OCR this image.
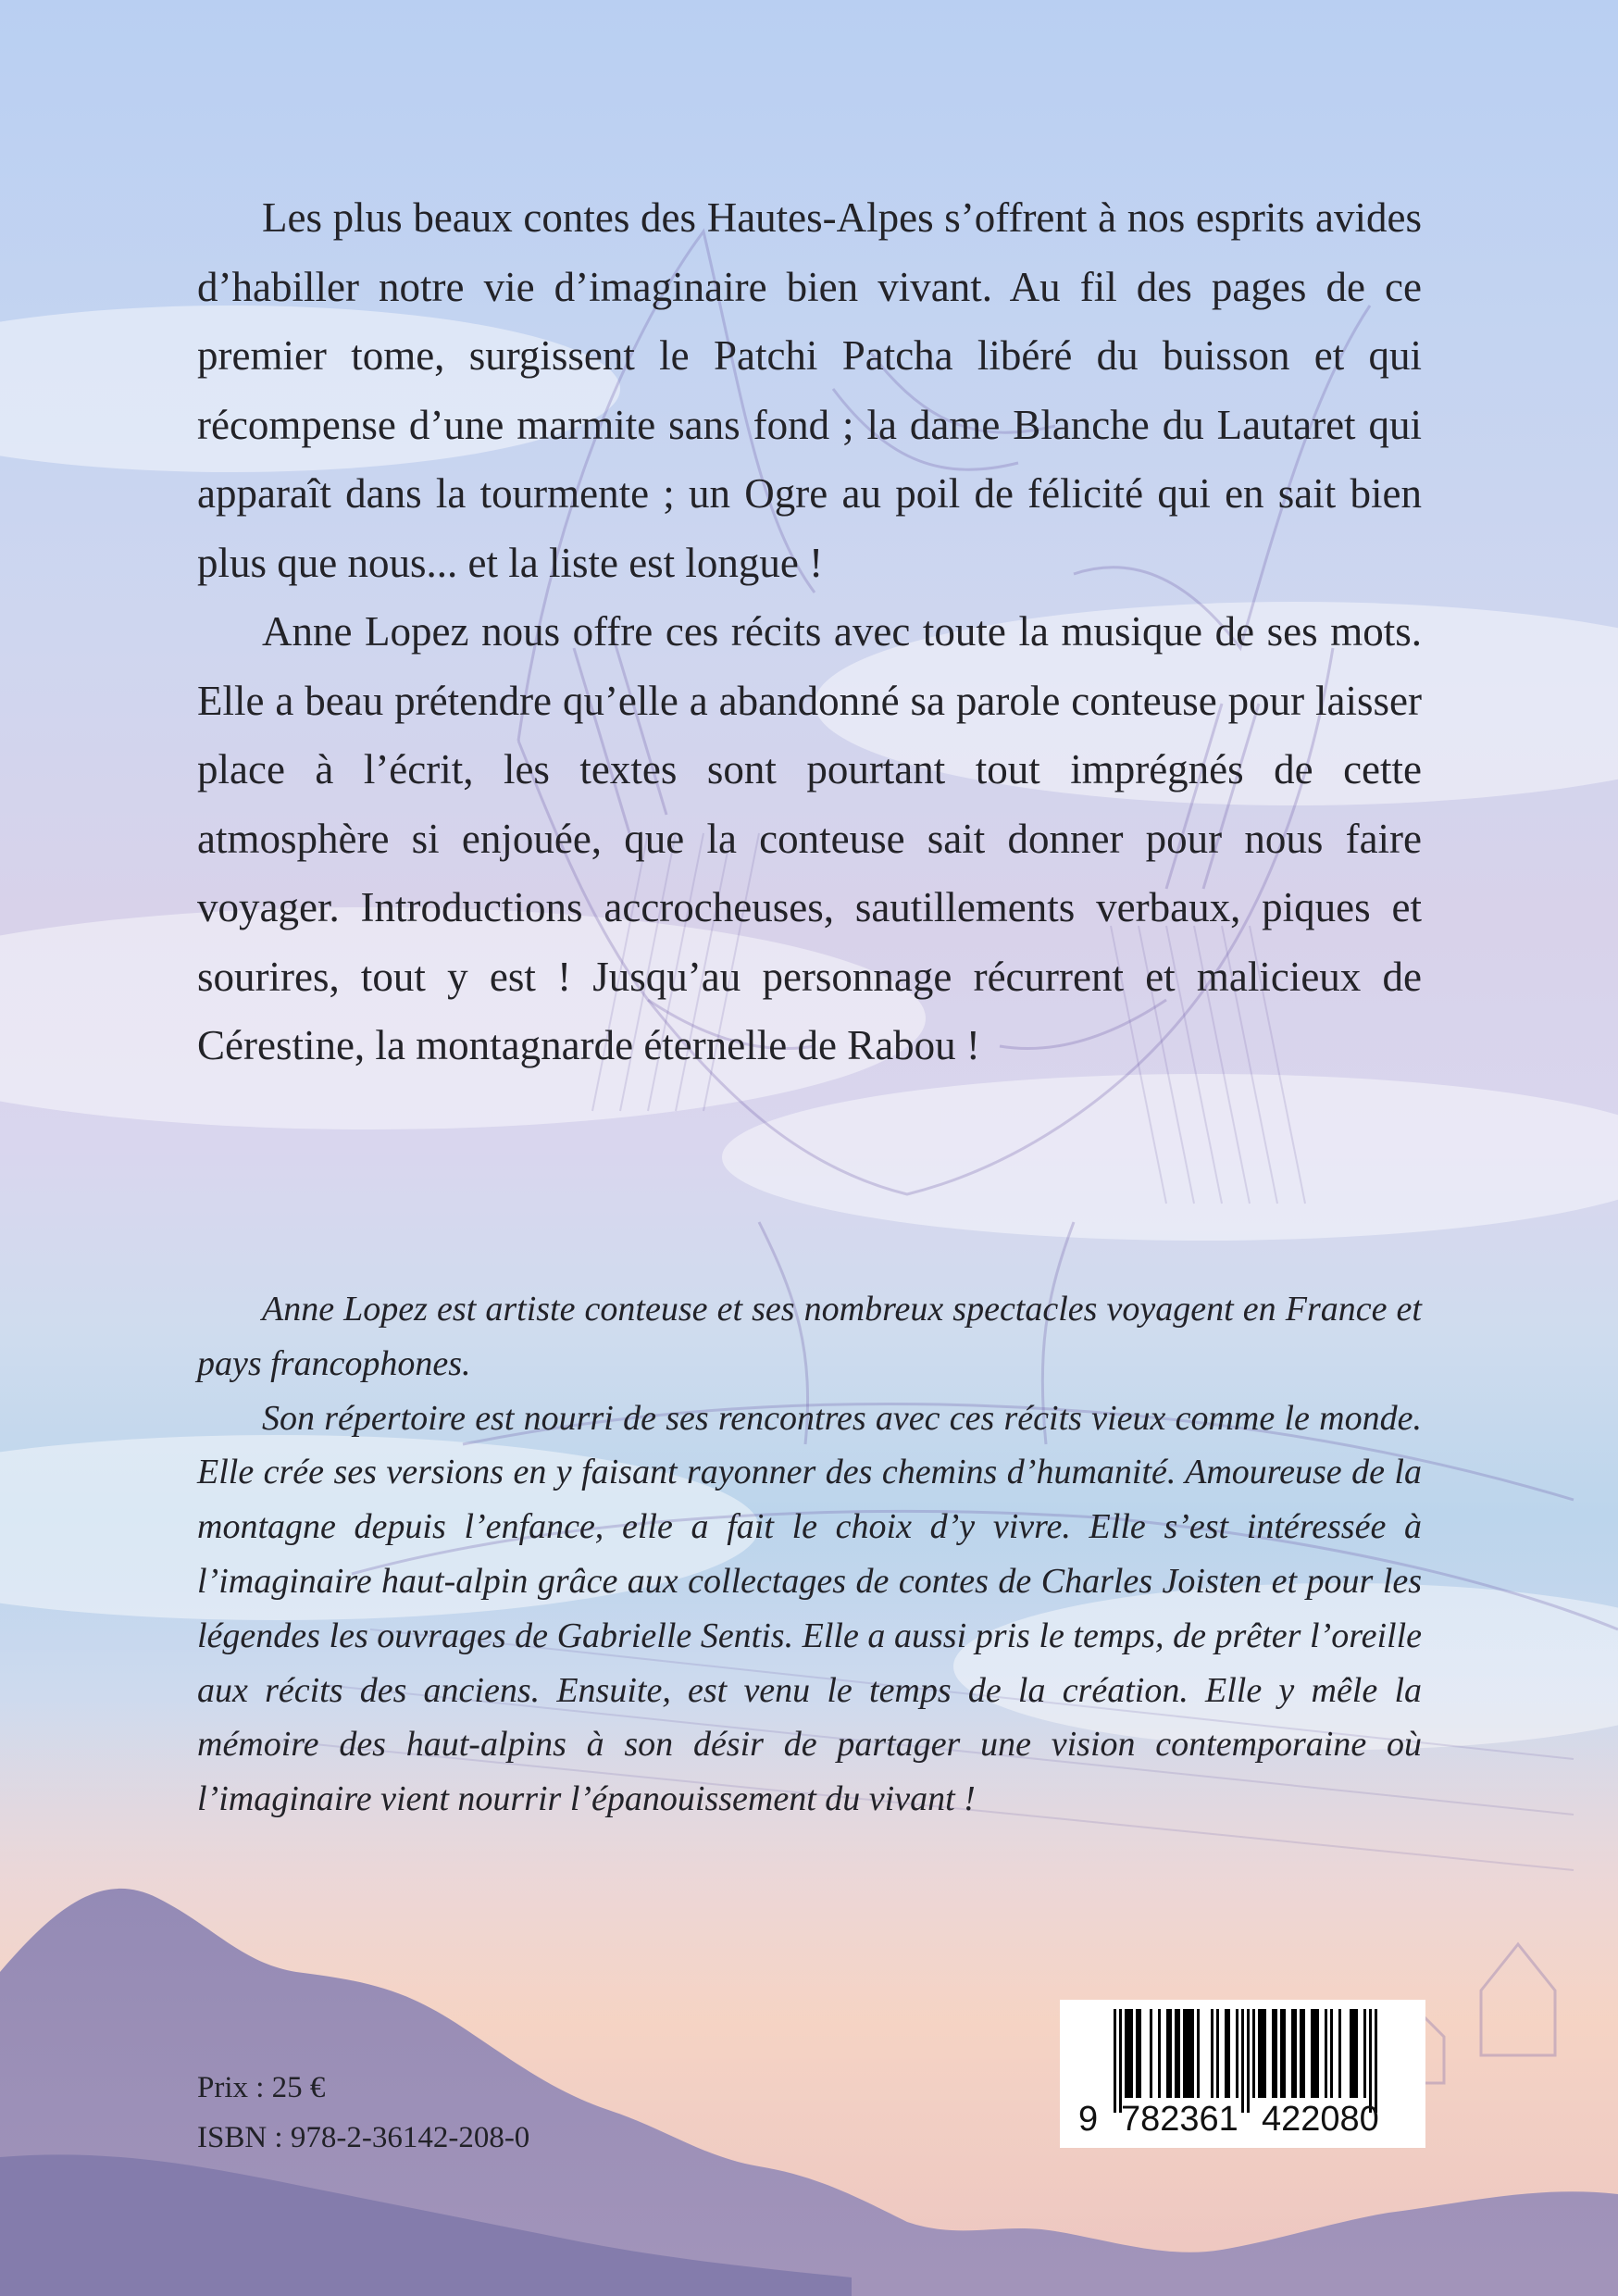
Les plus beaux contes des Hautes-Alpes s’offrent à nos esprits avides d’habiller notre vie d’imaginaire bien vivant. Au fil des pages de ce premier tome, surgissent le Patchi Patcha libéré du buisson et qui récompense d’une marmite sans fond ; la dame Blanche du Lautaret qui apparaît dans la tourmente ; un Ogre au poil de félicité qui en sait bien plus que nous... et la liste est longue !

Anne Lopez nous offre ces récits avec toute la musique de ses mots. Elle a beau prétendre qu’elle a abandonné sa parole conteuse pour laisser place à l’écrit, les textes sont pourtant tout imprégnés de cette atmosphère si enjouée, que la conteuse sait donner pour nous faire voyager. Introductions accrocheuses, sautillements verbaux, piques et sourires, tout y est ! Jusqu’au personnage récurrent et malicieux de Cérestine, la montagnarde éternelle de Rabou !

Anne Lopez est artiste conteuse et ses nombreux spectacles voyagent en France et pays francophones.

Son répertoire est nourri de ses rencontres avec ces récits vieux comme le monde. Elle crée ses versions en y faisant rayonner des chemins d’humanité. Amoureuse de la montagne depuis l’enfance, elle a fait le choix d’y vivre. Elle s’est intéressée à l’imaginaire haut-alpin grâce aux collectages de contes de Charles Joisten et pour les légendes les ouvrages de Gabrielle Sentis. Elle a aussi pris le temps, de prêter l’oreille aux récits des anciens. Ensuite, est venu le temps de la création. Elle y mêle la mémoire des haut-alpins à son désir de partager une vision contemporaine où l’imaginaire vient nourrir l’épanouissement du vivant !

Prix : 25 €
ISBN : 978-2-36142-208-0	9 782361 422080
